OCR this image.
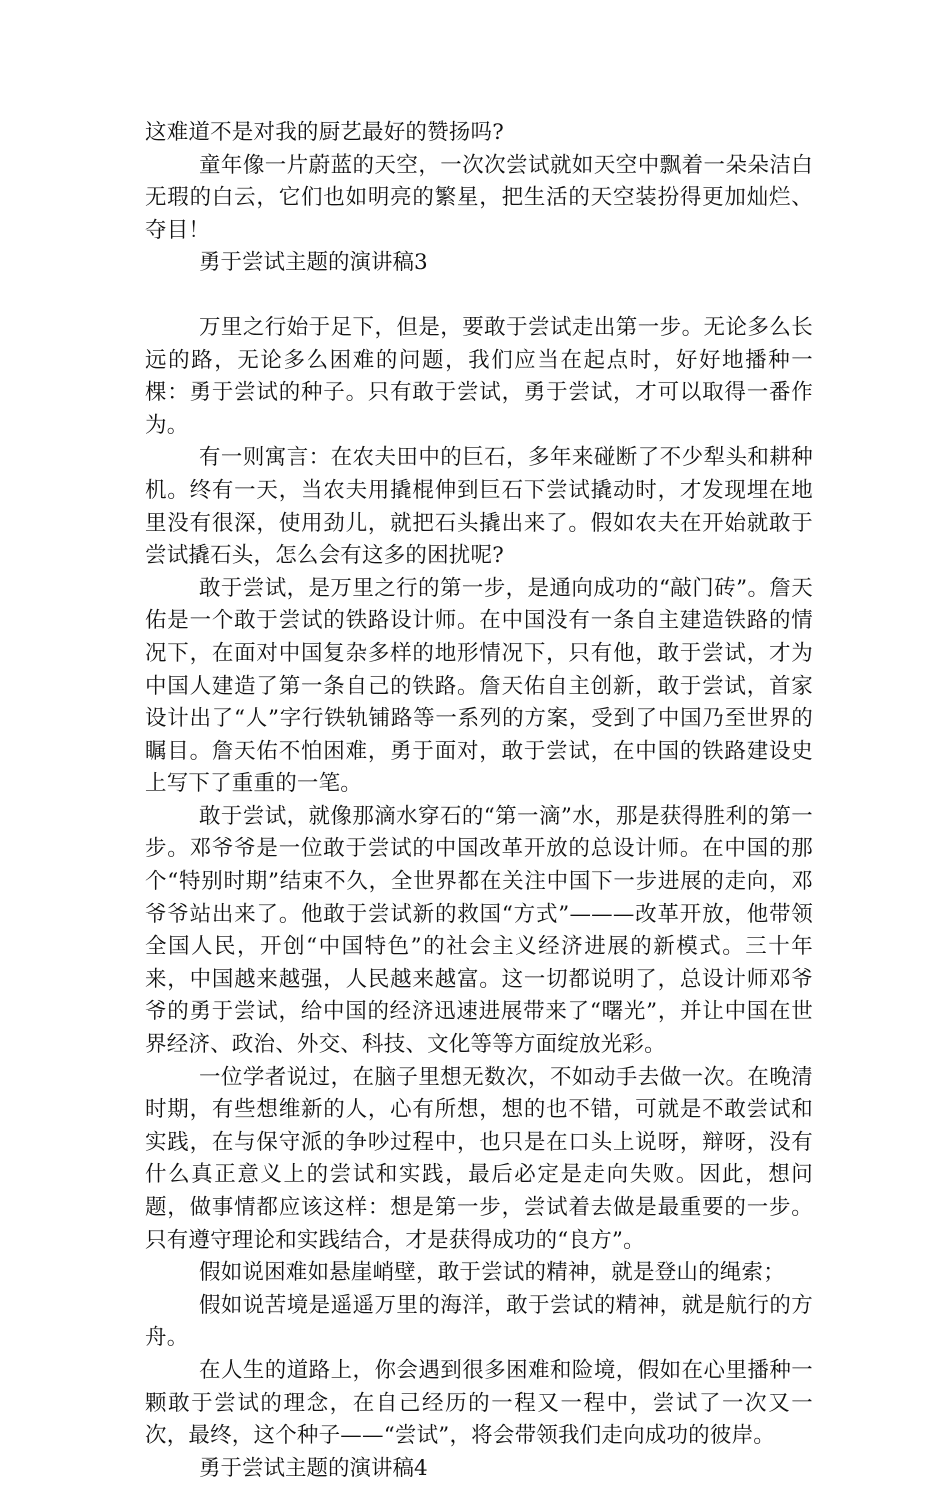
这难道不是对我的厨艺最好的赞扬吗?

童年像一片蔚蓝的天空，一次次尝试就如天空中飘着一朵朵洁白无瑕的白云，它们也如明亮的繁星，把生活的天空装扮得更加灿烂、夺目！

勇于尝试主题的演讲稿3

万里之行始于足下，但是，要敢于尝试走出第一步。无论多么长远的路，无论多么困难的问题，我们应当在起点时，好好地播种一棵：勇于尝试的种子。只有敢于尝试，勇于尝试，才可以取得一番作为。

有一则寓言：在农夫田中的巨石，多年来碰断了不少犁头和耕种机。终有一天，当农夫用撬棍伸到巨石下尝试撬动时，才发现埋在地里没有很深，使用劲儿，就把石头撬出来了。假如农夫在开始就敢于尝试撬石头，怎么会有这多的困扰呢?

敢于尝试，是万里之行的第一步，是通向成功的“敲门砖”。詹天佑是一个敢于尝试的铁路设计师。在中国没有一条自主建造铁路的情况下，在面对中国复杂多样的地形情况下，只有他，敢于尝试，才为中国人建造了第一条自己的铁路。詹天佑自主创新，敢于尝试，首家设计出了“人”字行铁轨铺路等一系列的方案，受到了中国乃至世界的瞩目。詹天佑不怕困难，勇于面对，敢于尝试，在中国的铁路建设史上写下了重重的一笔。

敢于尝试，就像那滴水穿石的“第一滴”水，那是获得胜利的第一步。邓爷爷是一位敢于尝试的中国改革开放的总设计师。在中国的那个“特别时期”结束不久，全世界都在关注中国下一步进展的走向，邓爷爷站出来了。他敢于尝试新的救国“方式”———改革开放，他带领全国人民，开创“中国特色”的社会主义经济进展的新模式。三十年来，中国越来越强，人民越来越富。这一切都说明了，总设计师邓爷爷的勇于尝试，给中国的经济迅速进展带来了“曙光”，并让中国在世界经济、政治、外交、科技、文化等等方面绽放光彩。

一位学者说过，在脑子里想无数次，不如动手去做一次。在晚清时期，有些想维新的人，心有所想，想的也不错，可就是不敢尝试和实践，在与保守派的争吵过程中，也只是在口头上说呀，辩呀，没有什么真正意义上的尝试和实践，最后必定是走向失败。因此，想问题，做事情都应该这样：想是第一步，尝试着去做是最重要的一步。只有遵守理论和实践结合，才是获得成功的“良方”。

假如说困难如悬崖峭壁，敢于尝试的精神，就是登山的绳索；

假如说苦境是遥遥万里的海洋，敢于尝试的精神，就是航行的方舟。

在人生的道路上，你会遇到很多困难和险境，假如在心里播种一颗敢于尝试的理念，在自己经历的一程又一程中，尝试了一次又一次，最终，这个种子——“尝试”，将会带领我们走向成功的彼岸。

勇于尝试主题的演讲稿4
